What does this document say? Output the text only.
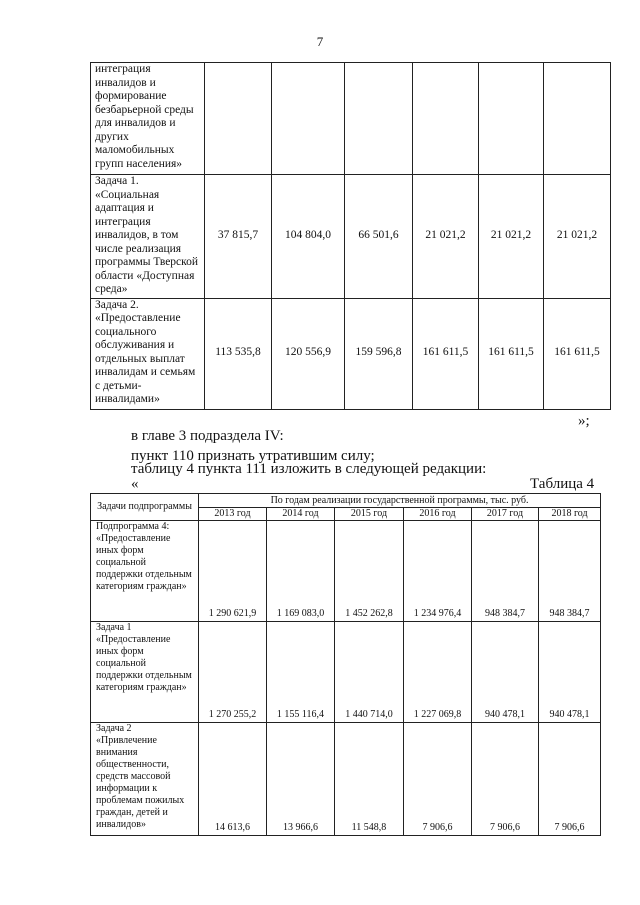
7
интеграция инвалидов и формирование безбарьерной среды для инвалидов и других маломобильных групп населения»						
Задача 1. «Социальная адаптация и интеграция инвалидов, в том числе реализация программы Тверской области «Доступная среда»	37 815,7	104 804,0	66 501,6	21 021,2	21 021,2	21 021,2
Задача 2. «Предоставление социального обслуживания и отдельных выплат инвалидам и семьям с детьми-инвалидами»	113 535,8	120 556,9	159 596,8	161 611,5	161 611,5	161 611,5
»;
в главе 3 подраздела IV:
пункт 110 признать утратившим силу;
таблицу 4 пункта 111 изложить в следующей редакции:
«	Таблица 4
Задачи подпрограммы	По годам реализации государственной программы, тыс. руб.					
	2013 год	2014 год	2015 год	2016 год	2017 год	2018 год
Подпрограмма 4: «Предоставление иных форм социальной поддержки отдельным категориям граждан»	1 290 621,9	1 169 083,0	1 452 262,8	1 234 976,4	948 384,7	948 384,7
Задача 1 «Предоставление иных форм социальной поддержки отдельным категориям граждан»	1 270 255,2	1 155 116,4	1 440 714,0	1 227 069,8	940 478,1	940 478,1
Задача 2 «Привлечение внимания общественности, средств массовой информации к проблемам пожилых граждан, детей и инвалидов»	14 613,6	13 966,6	11 548,8	7 906,6	7 906,6	7 906,6
